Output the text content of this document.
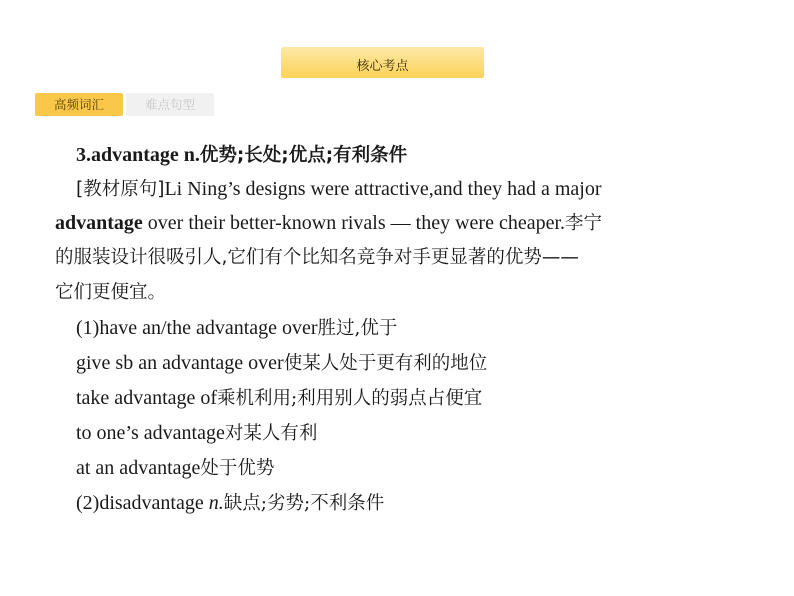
核心考点
高频词汇	难点句型
3.advantage n.优势;长处;优点;有利条件
[教材原句]Li Ning’s designs were attractive,and they had a major
advantage over their better-known rivals — they were cheaper.李宁
的服装设计很吸引人,它们有个比知名竞争对手更显著的优势——
它们更便宜。
(1)have an/the advantage over胜过,优于
give sb an advantage over使某人处于更有利的地位
take advantage of乘机利用;利用别人的弱点占便宜
to one’s advantage对某人有利
at an advantage处于优势
(2)disadvantage n.缺点;劣势;不利条件
